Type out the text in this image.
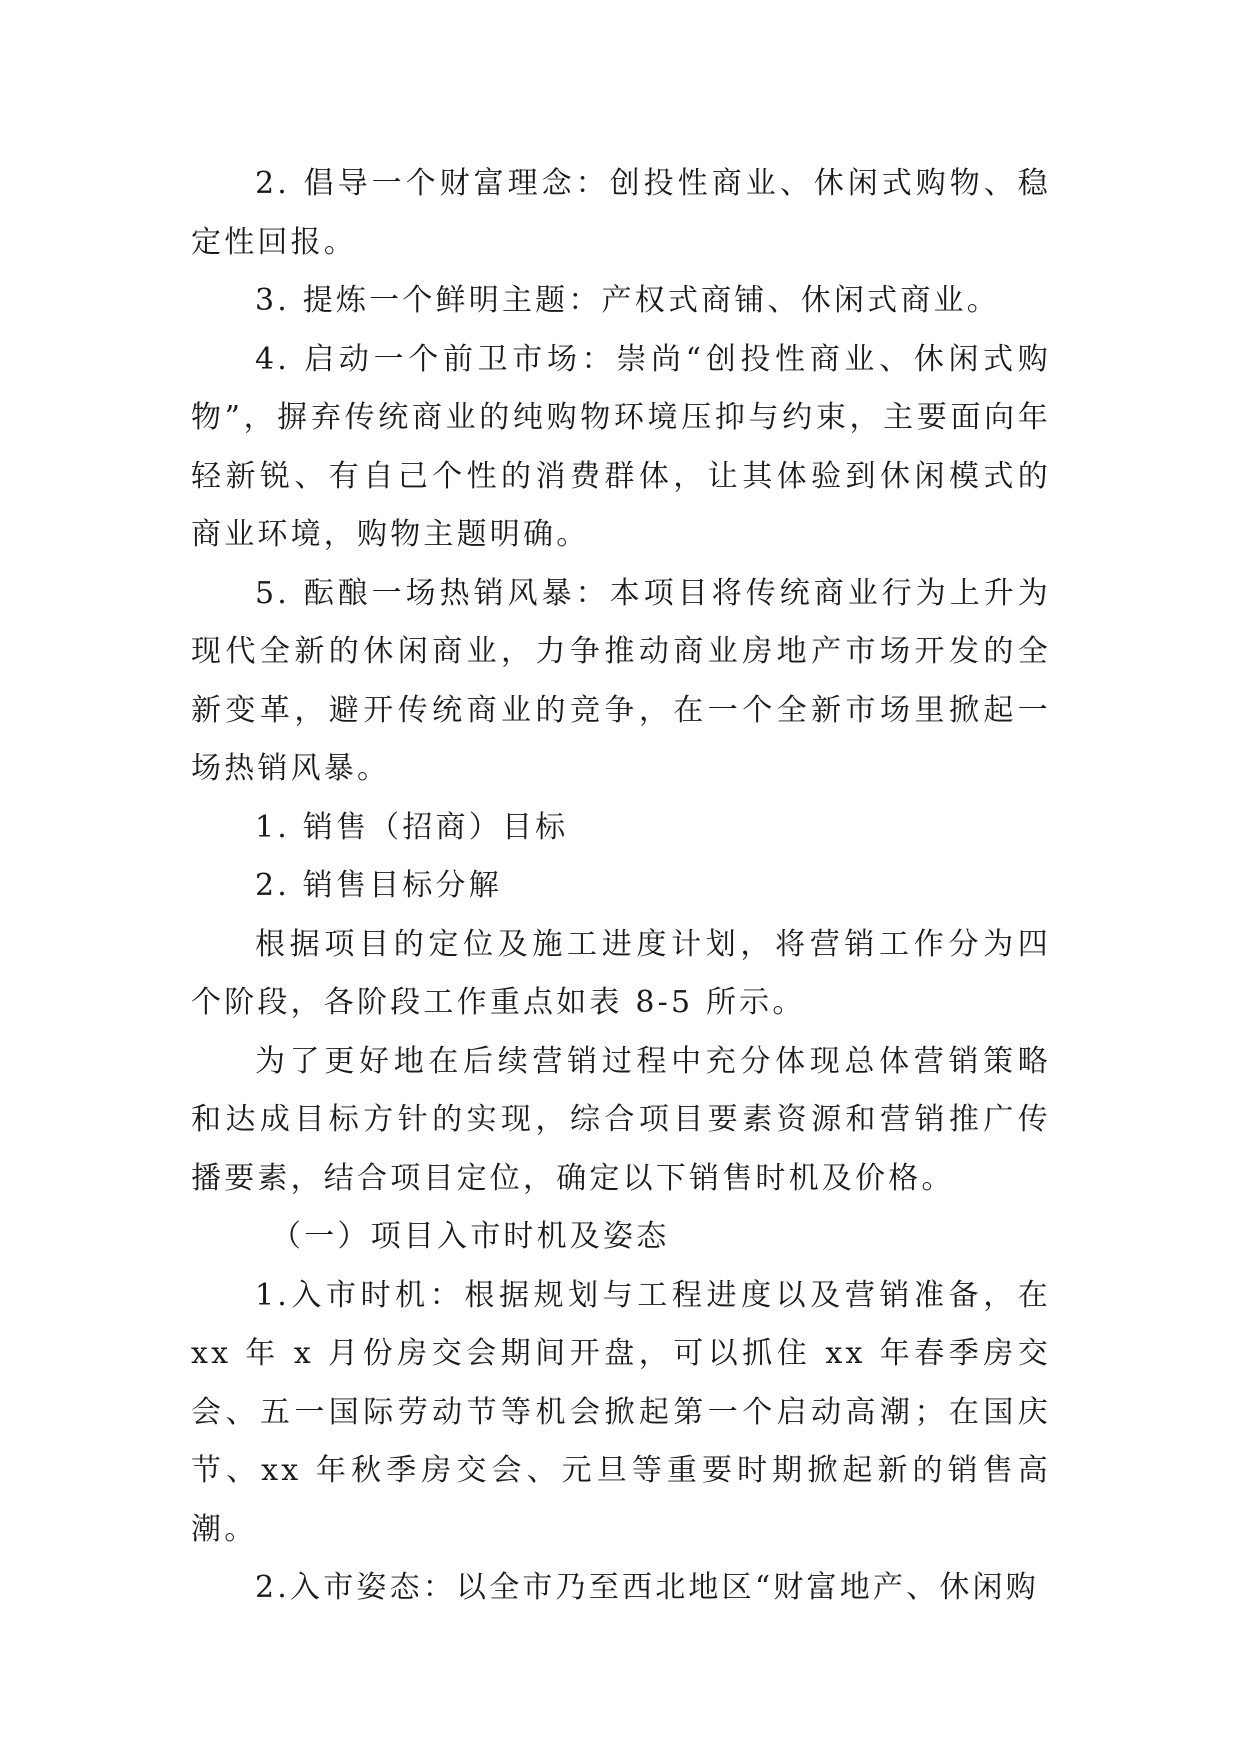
2. 倡导一个财富理念：创投性商业、休闲式购物、稳定性回报。

3. 提炼一个鲜明主题：产权式商铺、休闲式商业。

4. 启动一个前卫市场：崇尚“创投性商业、休闲式购物”，摒弃传统商业的纯购物环境压抑与约束，主要面向年轻新锐、有自己个性的消费群体，让其体验到休闲模式的商业环境，购物主题明确。

5. 酝酿一场热销风暴：本项目将传统商业行为上升为现代全新的休闲商业，力争推动商业房地产市场开发的全新变革，避开传统商业的竞争，在一个全新市场里掀起一场热销风暴。

1. 销售（招商）目标

2. 销售目标分解

根据项目的定位及施工进度计划，将营销工作分为四个阶段，各阶段工作重点如表 8-5 所示。

为了更好地在后续营销过程中充分体现总体营销策略和达成目标方针的实现，综合项目要素资源和营销推广传播要素，结合项目定位，确定以下销售时机及价格。

（一）项目入市时机及姿态

1.入市时机：根据规划与工程进度以及营销准备，在 xx 年 x 月份房交会期间开盘，可以抓住 xx 年春季房交会、五一国际劳动节等机会掀起第一个启动高潮；在国庆节、xx 年秋季房交会、元旦等重要时期掀起新的销售高潮。

2.入市姿态：以全市乃至西北地区“财富地产、休闲购
